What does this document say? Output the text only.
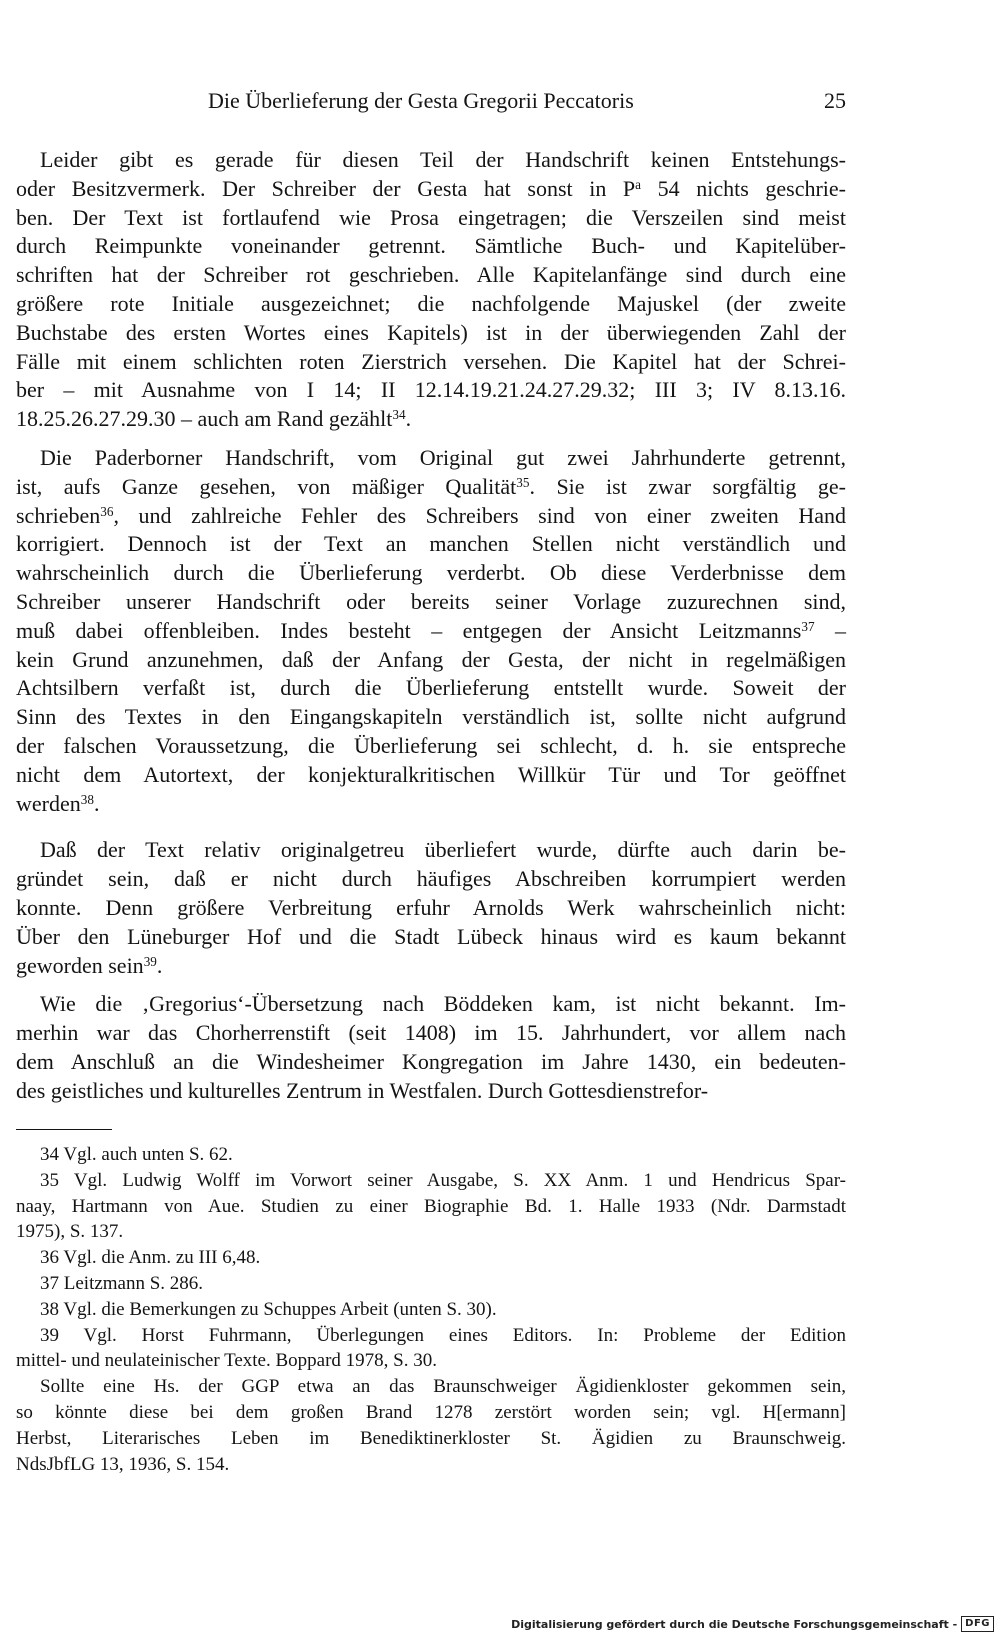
Die Überlieferung der Gesta Gregorii Peccatoris	25
Leider gibt es gerade für diesen Teil der Handschrift keinen Entstehungs-
oder Besitzvermerk. Der Schreiber der Gesta hat sonst in $P^a$ 54 nichts geschrie-
ben. Der Text ist fortlaufend wie Prosa eingetragen; die Verszeilen sind meist
durch Reimpunkte voneinander getrennt. Sämtliche Buch- und Kapitelüber-
schriften hat der Schreiber rot geschrieben. Alle Kapitelanfänge sind durch eine
größere rote Initiale ausgezeichnet; die nachfolgende Majuskel (der zweite
Buchstabe des ersten Wortes eines Kapitels) ist in der überwiegenden Zahl der
Fälle mit einem schlichten roten Zierstrich versehen. Die Kapitel hat der Schrei-
ber – mit Ausnahme von I 14; II 12.14.19.21.24.27.29.32; III 3; IV 8.13.16.
18.25.26.27.29.30 – auch am Rand gezählt$^{34}$.
Die Paderborner Handschrift, vom Original gut zwei Jahrhunderte getrennt,
ist, aufs Ganze gesehen, von mäßiger Qualität$^{35}$. Sie ist zwar sorgfältig ge-
schrieben$^{36}$, und zahlreiche Fehler des Schreibers sind von einer zweiten Hand
korrigiert. Dennoch ist der Text an manchen Stellen nicht verständlich und
wahrscheinlich durch die Überlieferung verderbt. Ob diese Verderbnisse dem
Schreiber unserer Handschrift oder bereits seiner Vorlage zuzurechnen sind,
muß dabei offenbleiben. Indes besteht – entgegen der Ansicht Leitzmanns$^{37}$ –
kein Grund anzunehmen, daß der Anfang der Gesta, der nicht in regelmäßigen
Achtsilbern verfaßt ist, durch die Überlieferung entstellt wurde. Soweit der
Sinn des Textes in den Eingangskapiteln verständlich ist, sollte nicht aufgrund
der falschen Voraussetzung, die Überlieferung sei schlecht, d. h. sie entspreche
nicht dem Autortext, der konjekturalkritischen Willkür Tür und Tor geöffnet
werden$^{38}$.
Daß der Text relativ originalgetreu überliefert wurde, dürfte auch darin be-
gründet sein, daß er nicht durch häufiges Abschreiben korrumpiert werden
konnte. Denn größere Verbreitung erfuhr Arnolds Werk wahrscheinlich nicht:
Über den Lüneburger Hof und die Stadt Lübeck hinaus wird es kaum bekannt
geworden sein$^{39}$.
Wie die ‚Gregorius‘-Übersetzung nach Böddeken kam, ist nicht bekannt. Im-
merhin war das Chorherrenstift (seit 1408) im 15. Jahrhundert, vor allem nach
dem Anschluß an die Windesheimer Kongregation im Jahre 1430, ein bedeuten-
des geistliches und kulturelles Zentrum in Westfalen. Durch Gottesdienstrefor-
34 Vgl. auch unten S. 62.
35 Vgl. Ludwig Wolff im Vorwort seiner Ausgabe, S. XX Anm. 1 und Hendricus Spar-
naay, Hartmann von Aue. Studien zu einer Biographie Bd. 1. Halle 1933 (Ndr. Darmstadt
1975), S. 137.
36 Vgl. die Anm. zu III 6,48.
37 Leitzmann S. 286.
38 Vgl. die Bemerkungen zu Schuppes Arbeit (unten S. 30).
39 Vgl. Horst Fuhrmann, Überlegungen eines Editors. In: Probleme der Edition
mittel- und neulateinischer Texte. Boppard 1978, S. 30.
Sollte eine Hs. der GGP etwa an das Braunschweiger Ägidienkloster gekommen sein,
so könnte diese bei dem großen Brand 1278 zerstört worden sein; vgl. H[ermann]
Herbst, Literarisches Leben im Benediktinerkloster St. Ägidien zu Braunschweig.
NdsJbfLG 13, 1936, S. 154.
Digitalisierung gefördert durch die Deutsche Forschungsgemeinschaft - DFG
